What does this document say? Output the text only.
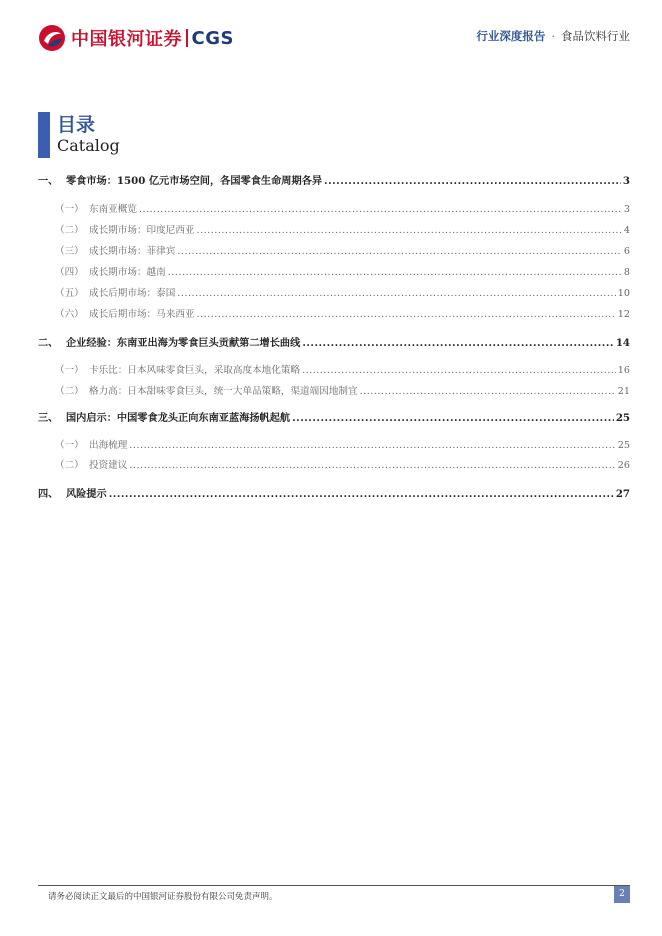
中国银河证券 CGS	行业深度报告 · 食品饮料行业
目录
Catalog
一、 零食市场：1500 亿元市场空间，各国零食生命周期各异 .....	3
（一） 东南亚概览 .....	3
（二） 成长期市场：印度尼西亚 .....	4
（三） 成长期市场：菲律宾 .....	6
（四） 成长期市场：越南 .....	8
（五） 成长后期市场：泰国 .....	10
（六） 成长后期市场：马来西亚 .....	12
二、 企业经验：东南亚出海为零食巨头贡献第二增长曲线 .....	14
（一） 卡乐比：日本风味零食巨头，采取高度本地化策略 .....	16
（二） 格力高：日本甜味零食巨头，统一大单品策略，渠道端因地制宜 .....	21
三、 国内启示：中国零食龙头正向东南亚蓝海扬帆起航 .....	25
（一） 出海梳理 .....	25
（二） 投资建议 .....	26
四、 风险提示 .....	27
请务必阅读正文最后的中国银河证券股份有限公司免责声明。	2
